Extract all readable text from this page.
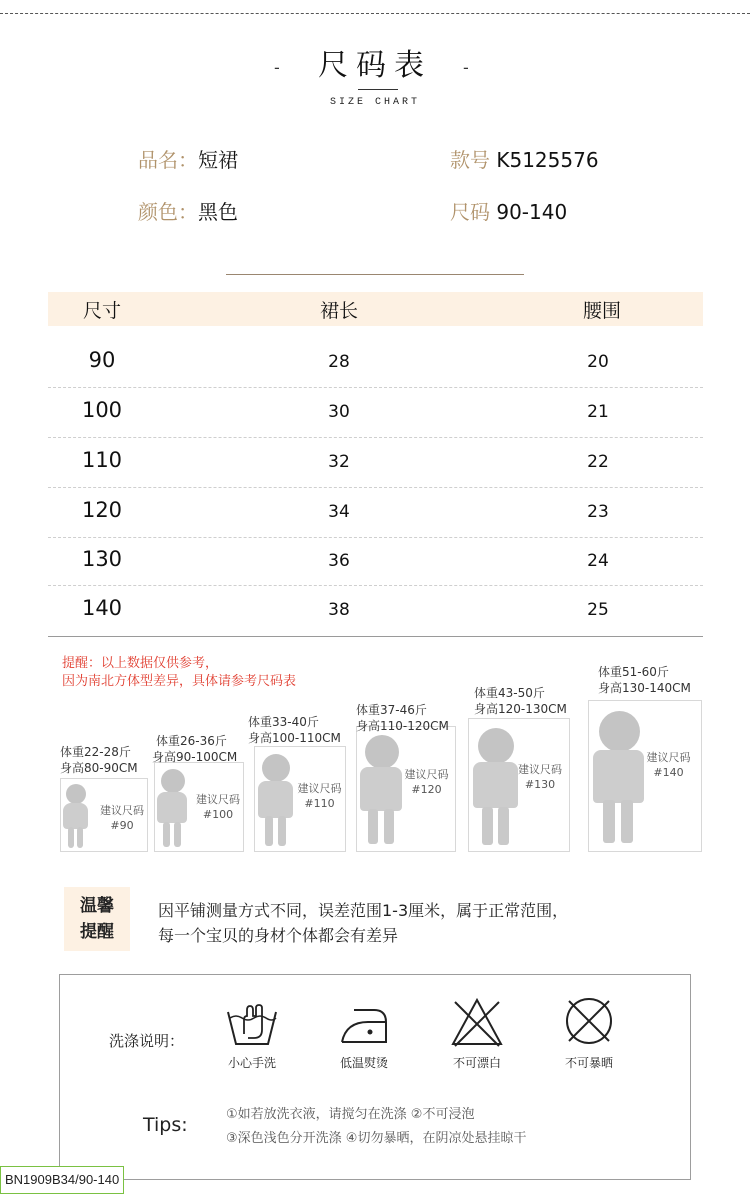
-	尺码表	-
SIZE CHART
品名：短裙	款号 K5125576
颜色：黑色	尺码 90-140
尺寸	裙长	腰围
90	28	20
100	30	21
110	32	22
120	34	23
130	36	24
140	38	25
提醒：以上数据仅供参考，
因为南北方体型差异，具体请参考尺码表
建议尺码
#90
体重22-28斤
身高80-90CM
建议尺码
#100
体重26-36斤
身高90-100CM
建议尺码
#110
体重33-40斤
身高100-110CM
建议尺码
#120
体重37-46斤
身高110-120CM
建议尺码
#130
体重43-50斤
身高120-130CM
建议尺码
#140
体重51-60斤
身高130-140CM
温馨
提醒
因平铺测量方式不同，误差范围1-3厘米，属于正常范围，
每一个宝贝的身材个体都会有差异
洗涤说明：
小心手洗	低温熨烫	不可漂白	不可暴晒
Tips:	①如若放洗衣液，请搅匀在洗涤 ②不可浸泡
③深色浅色分开洗涤 ④切勿暴晒，在阴凉处悬挂晾干
BN1909B34/90-140
